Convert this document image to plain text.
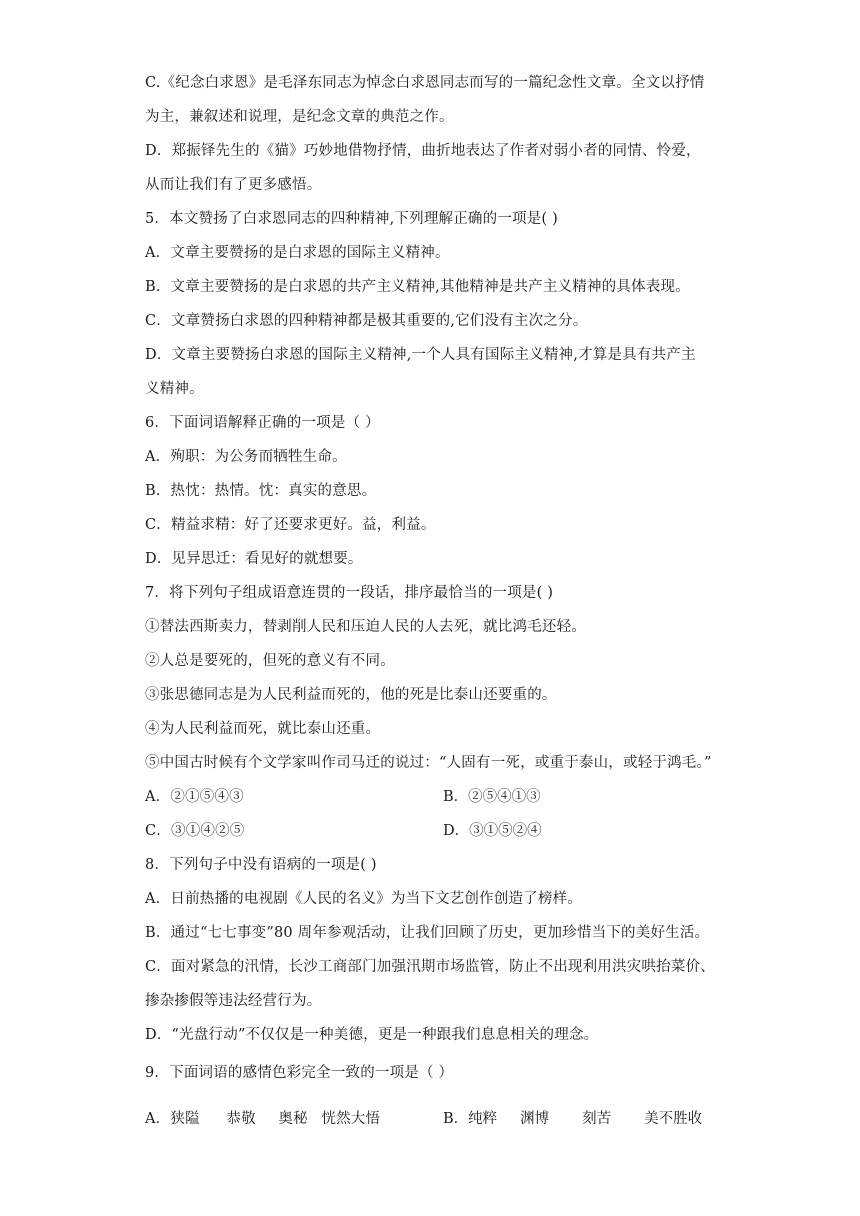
C.《纪念白求恩》是毛泽东同志为悼念白求恩同志而写的一篇纪念性文章。全文以抒情
为主，兼叙述和说理，是纪念文章的典范之作。
D．郑振铎先生的《猫》巧妙地借物抒情，曲折地表达了作者对弱小者的同情、怜爱，
从而让我们有了更多感悟。
5．本文赞扬了白求恩同志的四种精神,下列理解正确的一项是( )
A．文章主要赞扬的是白求恩的国际主义精神。
B．文章主要赞扬的是白求恩的共产主义精神,其他精神是共产主义精神的具体表现。
C．文章赞扬白求恩的四种精神都是极其重要的,它们没有主次之分。
D．文章主要赞扬白求恩的国际主义精神,一个人具有国际主义精神,才算是具有共产主
义精神。
6．下面词语解释正确的一项是（ ）
A．殉职：为公务而牺牲生命。
B．热忱：热情。忱：真实的意思。
C．精益求精：好了还要求更好。益，利益。
D．见异思迁：看见好的就想要。
7．将下列句子组成语意连贯的一段话，排序最恰当的一项是( )
①替法西斯卖力，替剥削人民和压迫人民的人去死，就比鸿毛还轻。
②人总是要死的，但死的意义有不同。
③张思德同志是为人民利益而死的，他的死是比泰山还要重的。
④为人民利益而死，就比泰山还重。
⑤中国古时候有个文学家叫作司马迁的说过：“人固有一死，或重于泰山，或轻于鸿毛。”
A．②①⑤④③	B．②⑤④①③
C．③①④②⑤	D．③①⑤②④
8．下列句子中没有语病的一项是( )
A．日前热播的电视剧《人民的名义》为当下文艺创作创造了榜样。
B．通过“七七事变”80 周年参观活动，让我们回顾了历史，更加珍惜当下的美好生活。
C．面对紧急的汛情，长沙工商部门加强汛期市场监管，防止不出现利用洪灾哄抬菜价、
掺杂掺假等违法经营行为。
D．“光盘行动”不仅仅是一种美德，更是一种跟我们息息相关的理念。
9．下面词语的感情色彩完全一致的一项是（ ）
A．狭隘 恭敬 奥秘 恍然大悟	B．纯粹 渊博 刻苦 美不胜收
